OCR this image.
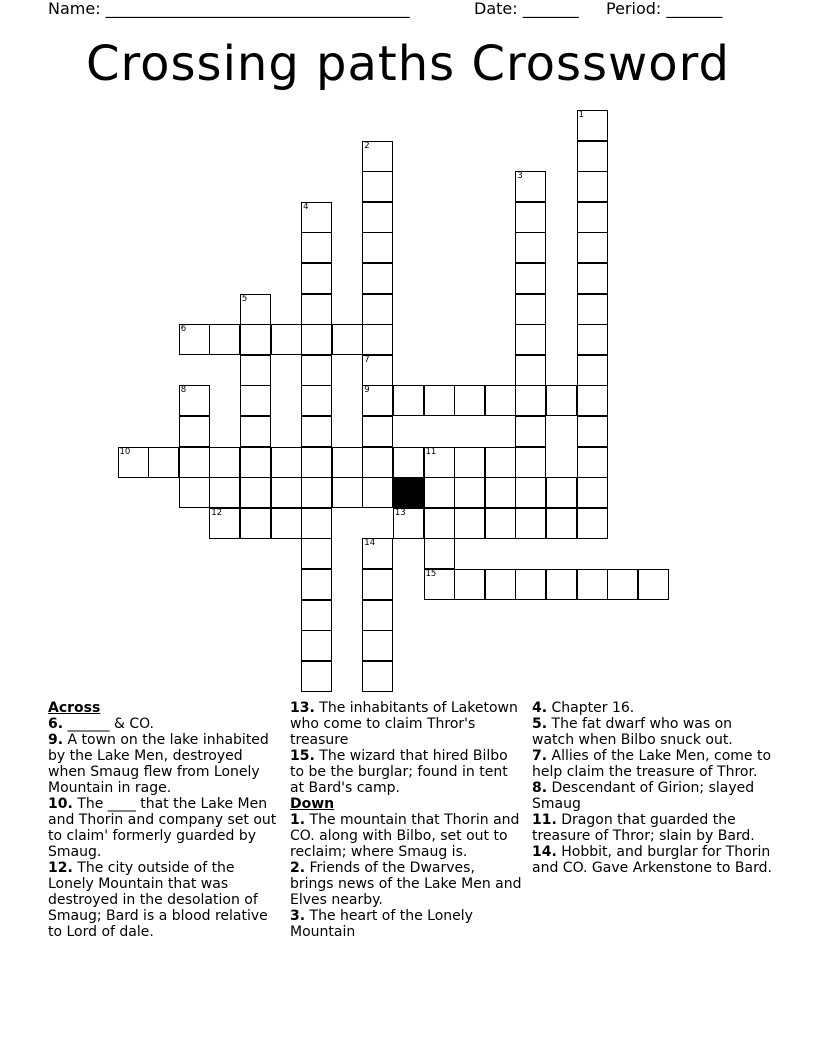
Name: ______________________________________	Date: _______ Period: _______
Crossing paths Crossword
1
2
3
4
5
6
7
8	9
10	11
12	13
14
15
Across

6. ______ & CO.

9. A town on the lake inhabited by the Lake Men, destroyed when Smaug flew from Lonely Mountain in rage.

10. The ____ that the Lake Men and Thorin and company set out to claim' formerly guarded by Smaug.

12. The city outside of the Lonely Mountain that was destroyed in the desolation of Smaug; Bard is a blood relative to Lord of dale.

13. The inhabitants of Laketown who come to claim Thror's treasure

15. The wizard that hired Bilbo to be the burglar; found in tent at Bard's camp.

Down

1. The mountain that Thorin and CO. along with Bilbo, set out to reclaim; where Smaug is.

2. Friends of the Dwarves, brings news of the Lake Men and Elves nearby.

3. The heart of the Lonely Mountain

4. Chapter 16.

5. The fat dwarf who was on watch when Bilbo snuck out.

7. Allies of the Lake Men, come to help claim the treasure of Thror.

8. Descendant of Girion; slayed Smaug

11. Dragon that guarded the treasure of Thror; slain by Bard.

14. Hobbit, and burglar for Thorin and CO. Gave Arkenstone to Bard.
